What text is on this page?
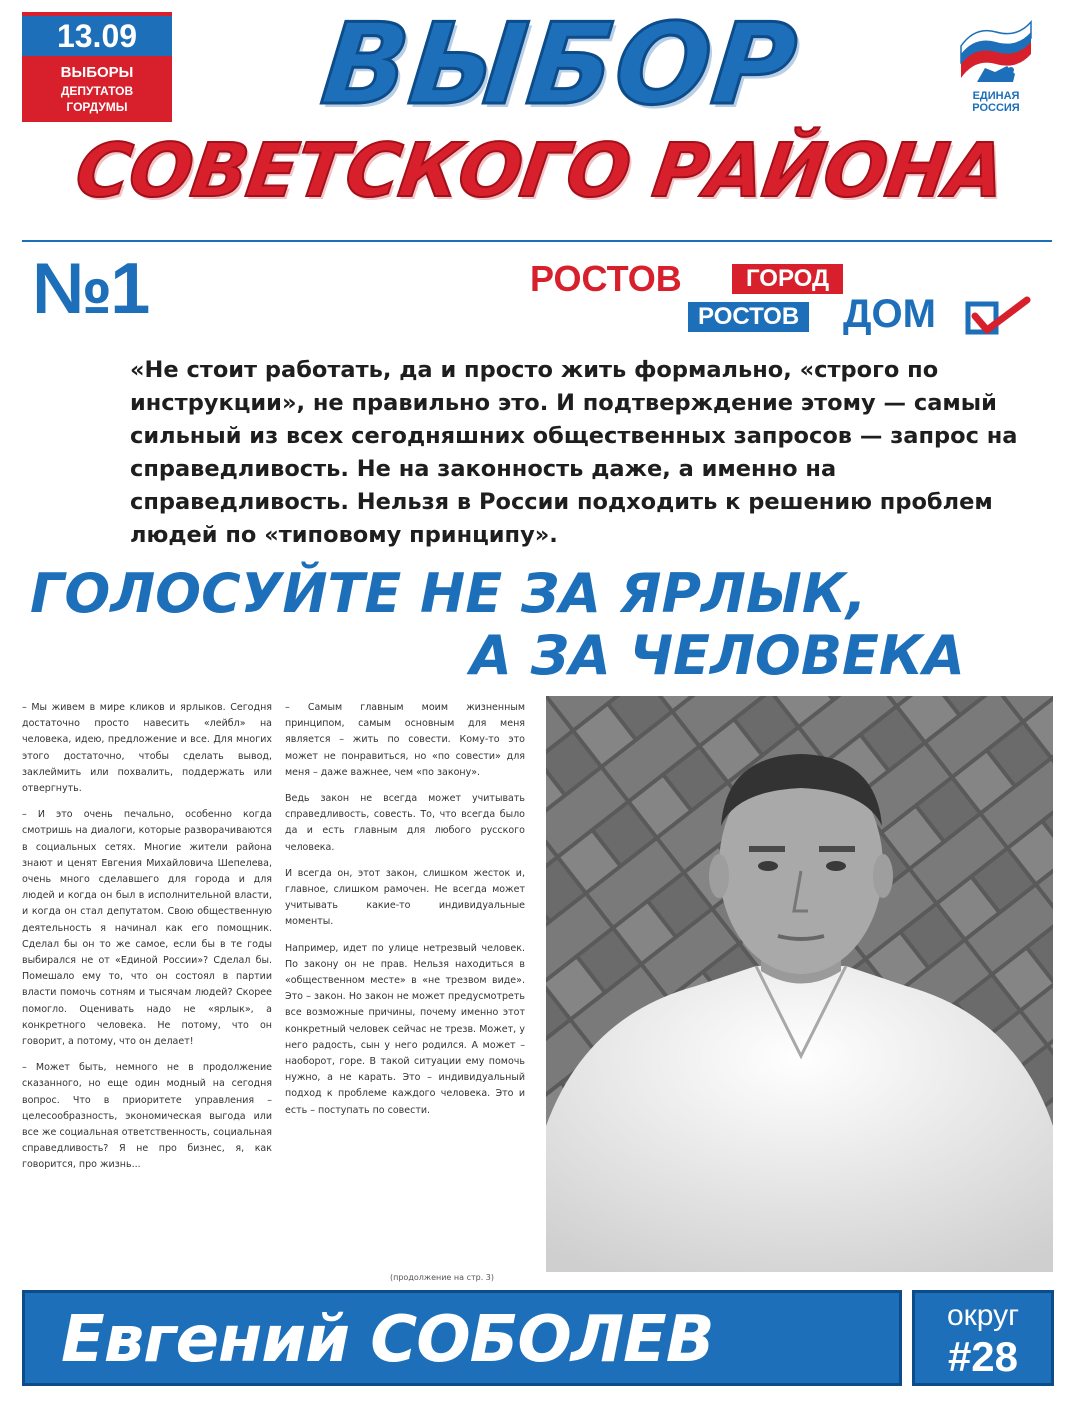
13.09
ВЫБОРЫ
ДЕПУТАТОВ
ГОРДУМЫ	ВЫБОР
СОВЕТСКОГО РАЙОНА
ЕДИНАЯ
РОССИЯ
№1	РОСТОВ	ГОРОД
РОСТОВ ДОМ
«Не стоит работать, да и просто жить формально, «строго по инструкции», не правильно это. И подтверждение этому — самый сильный из всех сегодняшних общественных запросов — запрос на справедливость. Не на законность даже, а именно на справедливость. Нельзя в России подходить к решению проблем людей по «типовому принципу».
ГОЛОСУЙТЕ НЕ ЗА ЯРЛЫК,
А ЗА ЧЕЛОВЕКА

– Мы живем в мире кликов и ярлыков. Сегодня достаточно просто навесить «лейбл» на человека, идею, предложение и все. Для многих этого достаточно, чтобы сделать вывод, заклеймить или похвалить, поддержать или отвергнуть.

– И это очень печально, особенно когда смотришь на диалоги, которые разворачиваются в социальных сетях. Многие жители района знают и ценят Евгения Михайловича Шепелева, очень много сделавшего для города и для людей и когда он был в исполнительной власти, и когда он стал депутатом. Свою общественную деятельность я начинал как его помощник. Сделал бы он то же самое, если бы в те годы выбирался не от «Единой России»? Сделал бы. Помешало ему то, что он состоял в партии власти помочь сотням и тысячам людей? Скорее помогло. Оценивать надо не «ярлык», а конкретного человека. Не потому, что он говорит, а потому, что он делает!

– Может быть, немного не в продолжение сказанного, но еще один модный на сегодня вопрос. Что в приоритете управления – целесообразность, экономическая выгода или все же социальная ответственность, социальная справедливость? Я не про бизнес, я, как говорится, про жизнь...

– Самым главным моим жизненным принципом, самым основным для меня является – жить по совести. Кому-то это может не понравиться, но «по совести» для меня – даже важнее, чем «по закону».

Ведь закон не всегда может учитывать справедливость, совесть. То, что всегда было да и есть главным для любого русского человека.

И всегда он, этот закон, слишком жесток и, главное, слишком рамочен. Не всегда может учитывать какие-то индивидуальные моменты.

Например, идет по улице нетрезвый человек. По закону он не прав. Нельзя находиться в «общественном месте» в «не трезвом виде». Это – закон. Но закон не может предусмотреть все возможные причины, почему именно этот конкретный человек сейчас не трезв. Может, у него радость, сын у него родился. А может – наоборот, горе. В такой ситуации ему помочь нужно, а не карать. Это – индивидуальный подход к проблеме каждого человека. Это и есть – поступать по совести.

(продолжение на стр. 3)
Евгений СОБОЛЕВ	округ
#28
